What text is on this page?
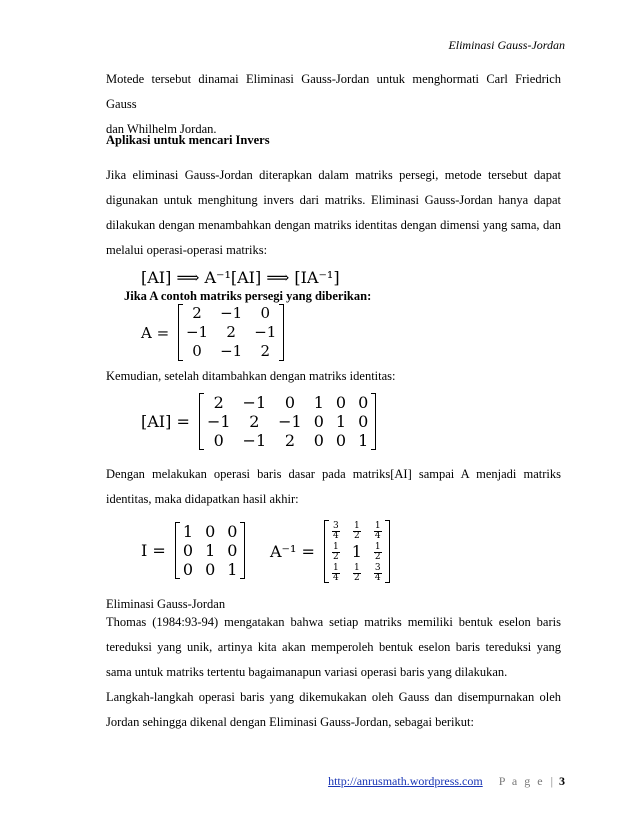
Eliminasi Gauss-Jordan
Motede tersebut dinamai Eliminasi Gauss-Jordan untuk menghormati Carl Friedrich Gauss
dan Whilhelm Jordan.
Aplikasi untuk mencari Invers
Jika eliminasi Gauss-Jordan diterapkan dalam matriks persegi, metode tersebut dapat
digunakan untuk menghitung invers dari matriks. Eliminasi Gauss-Jordan hanya dapat
dilakukan dengan menambahkan dengan matriks identitas dengan dimensi yang sama, dan
melalui operasi-operasi matriks:
[AI] ⟹ A⁻¹[AI] ⟹ [IA⁻¹]
Jika A contoh matriks persegi yang diberikan:
A =
2	−1	0
−1	2	−1
0	−1	2
Kemudian, setelah ditambahkan dengan matriks identitas:
[AI] =
2	−1	0	1	0	0
−1	2	−1	0	1	0
0	−1	2	0	0	1
Dengan melakukan operasi baris dasar pada matriks[AI] sampai A menjadi matriks
identitas, maka didapatkan hasil akhir:
I =
1	0	0
0	1	0
0	0	1
A⁻¹ =
$\frac{3}{4}$	$\frac{1}{2}$	$\frac{1}{4}$

$\frac{1}{2}$	1	$\frac{1}{2}$

$\frac{1}{4}$	$\frac{1}{2}$	$\frac{3}{4}$
Eliminasi Gauss-Jordan
Thomas (1984:93-94) mengatakan bahwa setiap matriks memiliki bentuk eselon baris
tereduksi yang unik, artinya kita akan memperoleh bentuk eselon baris tereduksi yang
sama untuk matriks tertentu bagaimanapun variasi operasi baris yang dilakukan.
Langkah-langkah operasi baris yang dikemukakan oleh Gauss dan disempurnakan oleh
Jordan sehingga dikenal dengan Eliminasi Gauss-Jordan, sebagai berikut:
http://anrusmath.wordpress.com P a g e | 3
